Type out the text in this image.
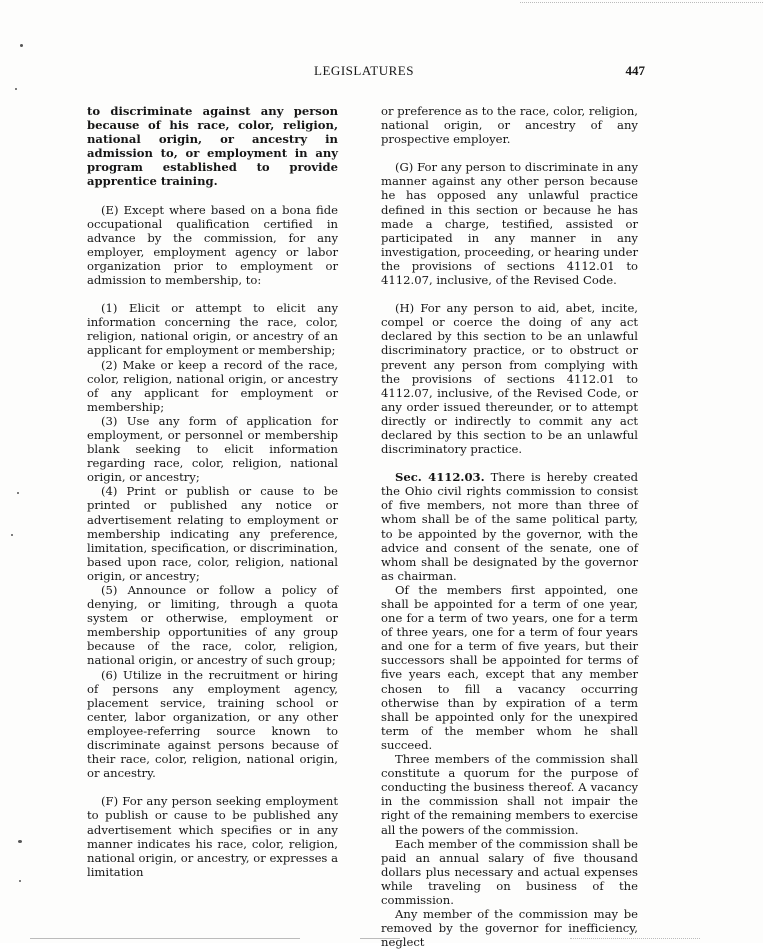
LEGISLATURES	447

to discriminate against any person because of his race, color, religion, national origin, or ancestry in admission to, or employment in any program established to provide apprentice training.

(E) Except where based on a bona fide occupational qualification certified in advance by the commission, for any employer, employment agency or labor organization prior to employment or admission to membership, to:

(1) Elicit or attempt to elicit any information concerning the race, color, religion, national origin, or ancestry of an applicant for employment or membership;

(2) Make or keep a record of the race, color, religion, national origin, or ancestry of any applicant for employment or membership;

(3) Use any form of application for employment, or personnel or membership blank seeking to elicit information regarding race, color, religion, national origin, or ancestry;

(4) Print or publish or cause to be printed or published any notice or advertisement relating to employment or membership indicating any preference, limitation, specification, or discrimination, based upon race, color, religion, national origin, or ancestry;

(5) Announce or follow a policy of denying, or limiting, through a quota system or otherwise, employment or membership opportunities of any group because of the race, color, religion, national origin, or ancestry of such group;

(6) Utilize in the recruitment or hiring of persons any employment agency, placement service, training school or center, labor organization, or any other employee-referring source known to discriminate against persons because of their race, color, religion, national origin, or ancestry.

(F) For any person seeking employment to publish or cause to be published any advertisement which specifies or in any manner indicates his race, color, religion, national origin, or ancestry, or expresses a limitation

or preference as to the race, color, religion, national origin, or ancestry of any prospective employer.

(G) For any person to discriminate in any manner against any other person because he has opposed any unlawful practice defined in this section or because he has made a charge, testified, assisted or participated in any manner in any investigation, proceeding, or hearing under the provisions of sections 4112.01 to 4112.07, inclusive, of the Revised Code.

(H) For any person to aid, abet, incite, compel or coerce the doing of any act declared by this section to be an unlawful discriminatory practice, or to obstruct or prevent any person from complying with the provisions of sections 4112.01 to 4112.07, inclusive, of the Revised Code, or any order issued thereunder, or to attempt directly or indirectly to commit any act declared by this section to be an unlawful discriminatory practice.

Sec. 4112.03. There is hereby created the Ohio civil rights commission to consist of five members, not more than three of whom shall be of the same political party, to be appointed by the governor, with the advice and consent of the senate, one of whom shall be designated by the governor as chairman.

Of the members first appointed, one shall be appointed for a term of one year, one for a term of two years, one for a term of three years, one for a term of four years and one for a term of five years, but their successors shall be appointed for terms of five years each, except that any member chosen to fill a vacancy occurring otherwise than by expiration of a term shall be appointed only for the unexpired term of the member whom he shall succeed.

Three members of the commission shall constitute a quorum for the purpose of conducting the business thereof. A vacancy in the commission shall not impair the right of the remaining members to exercise all the powers of the commission.

Each member of the commission shall be paid an annual salary of five thousand dollars plus necessary and actual expenses while traveling on business of the commission.

Any member of the commission may be removed by the governor for inefficiency, neglect
